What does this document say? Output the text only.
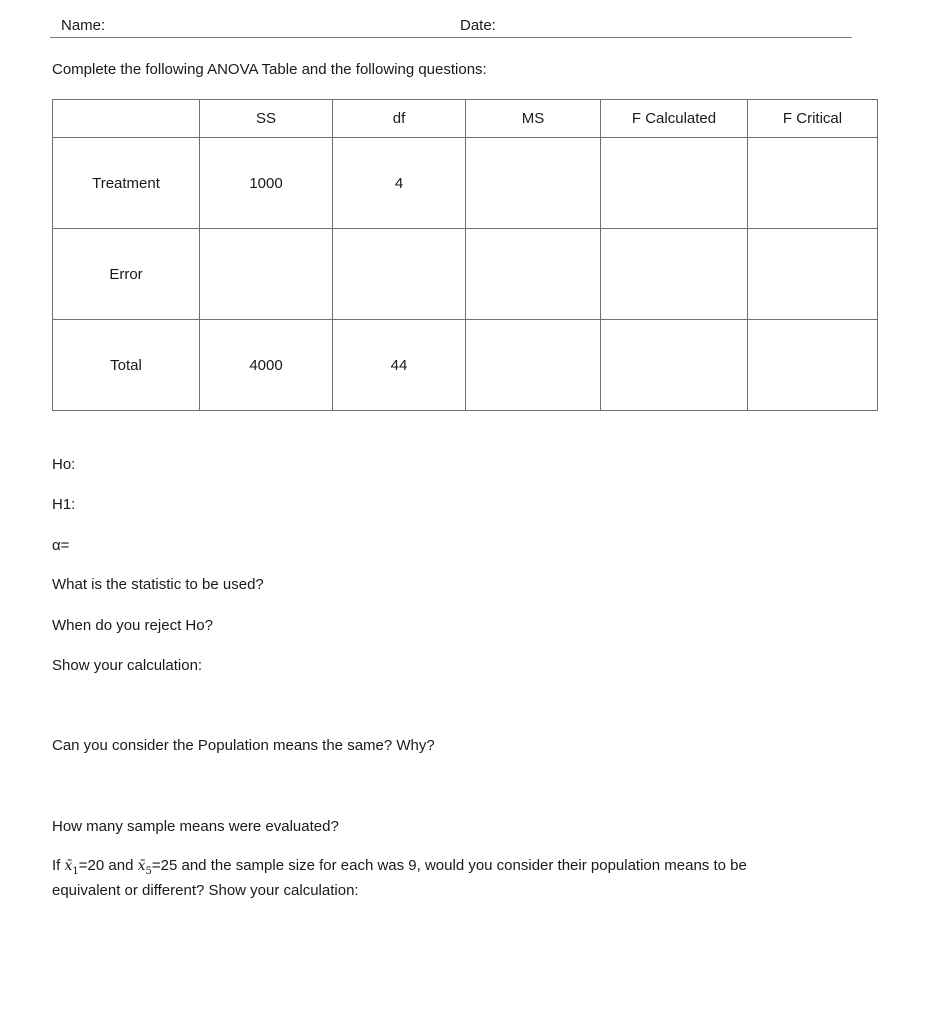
Name:	Date:
Complete the following ANOVA Table and the following questions:
	SS	df	MS	F Calculated	F Critical
Treatment	1000	4			
Error					
Total	4000	44			
Ho:
H1:
α=
What is the statistic to be used?
When do you reject Ho?
Show your calculation:
Can you consider the Population means the same? Why?
How many sample means were evaluated?
If $x̄_1=20$ and $x̄_5=25$ and the sample size for each was 9, would you consider their population means to be
equivalent or different? Show your calculation:
